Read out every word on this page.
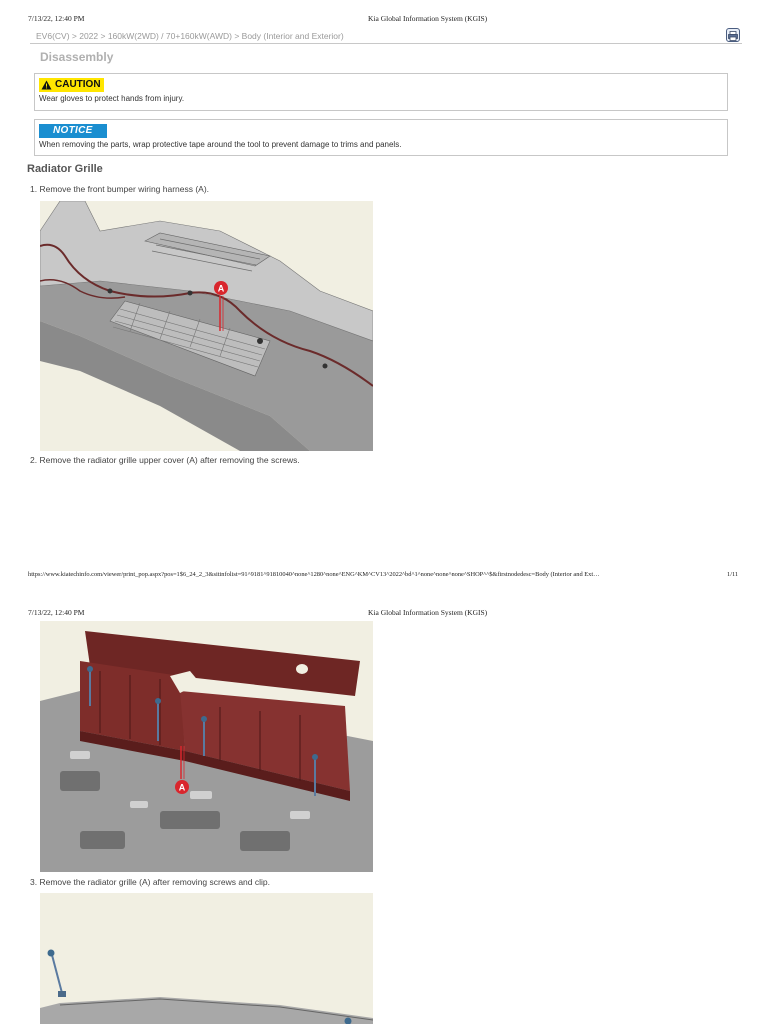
7/13/22, 12:40 PM	Kia Global Information System (KGIS)
EV6(CV) > 2022 > 160kW(2WD) / 70+160kW(AWD) > Body (Interior and Exterior)
Disassembly
CAUTION
Wear gloves to protect hands from injury.
NOTICE
When removing the parts, wrap protective tape around the tool to prevent damage to trims and panels.
Radiator Grille
1. Remove the front bumper wiring harness (A).
A
2. Remove the radiator grille upper cover (A) after removing the screws.
https://www.kiatechinfo.com/viewer/print_pop.aspx?pos=1$6_24_2_3&sitinfolist=91^9181^91810040^none^1280^none^ENG^KM^CV13^2022^bd^1^none^none^none^SHOP^^$&firstnodedesc=Body (Interior and Ext…	1/11
7/13/22, 12:40 PM	Kia Global Information System (KGIS)
A
3. Remove the radiator grille (A) after removing screws and clip.
